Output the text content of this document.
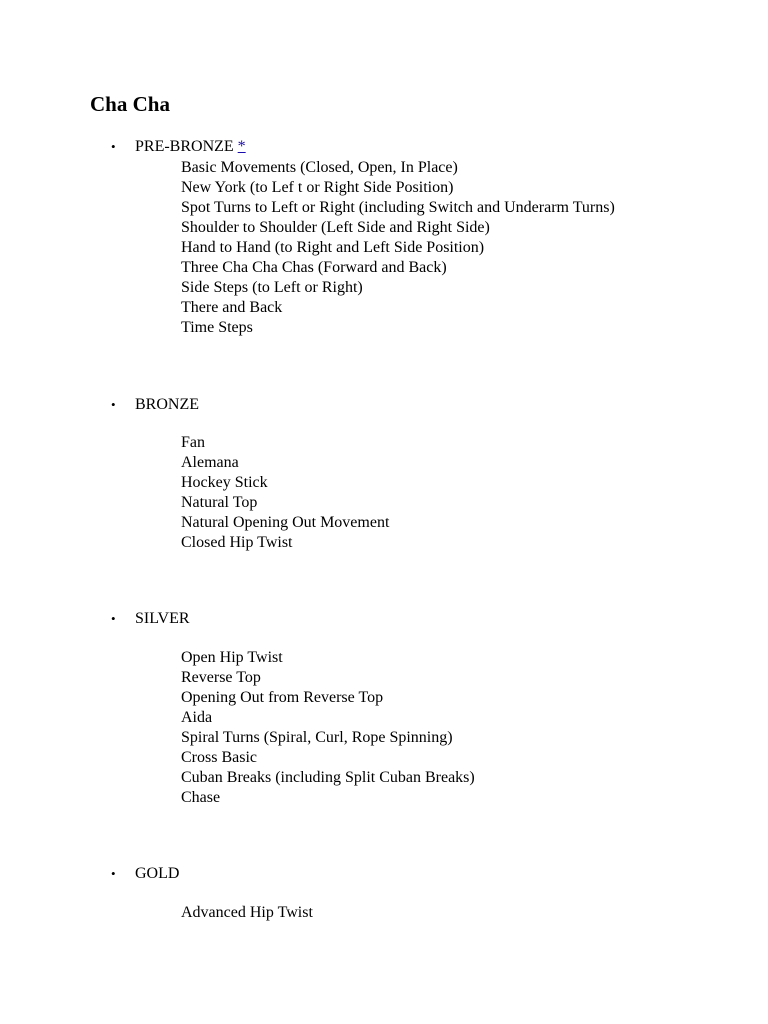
Cha Cha
• PRE-BRONZE *
Basic Movements (Closed, Open, In Place)
New York (to Lef t or Right Side Position)
Spot Turns to Left or Right (including Switch and Underarm Turns)
Shoulder to Shoulder (Left Side and Right Side)
Hand to Hand (to Right and Left Side Position)
Three Cha Cha Chas (Forward and Back)
Side Steps (to Left or Right)
There and Back
Time Steps
• BRONZE
Fan
Alemana
Hockey Stick
Natural Top
Natural Opening Out Movement
Closed Hip Twist
• SILVER
Open Hip Twist
Reverse Top
Opening Out from Reverse Top
Aida
Spiral Turns (Spiral, Curl, Rope Spinning)
Cross Basic
Cuban Breaks (including Split Cuban Breaks)
Chase
• GOLD
Advanced Hip Twist
